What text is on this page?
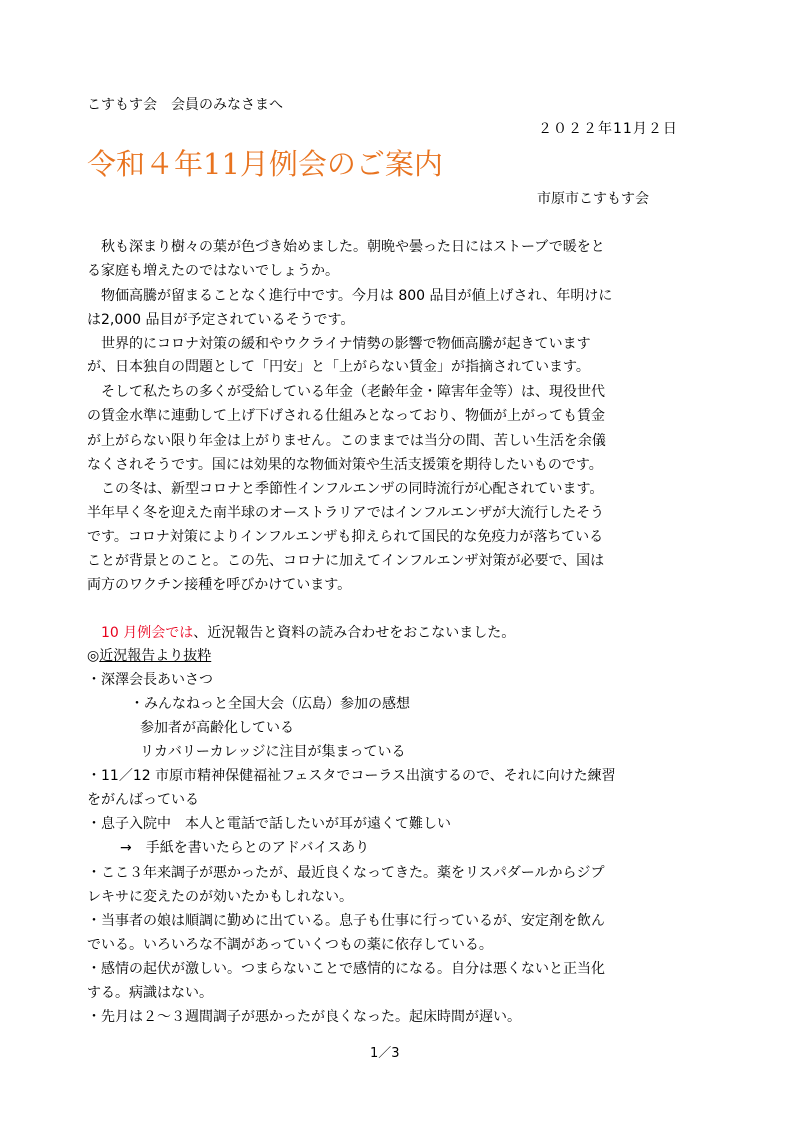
こすもす会　会員のみなさまへ
２０２２年11月２日
令和４年11月例会のご案内
市原市こすもす会
　秋も深まり樹々の葉が色づき始めました。朝晩や曇った日にはストーブで暖をと
る家庭も増えたのではないでしょうか。
　物価高騰が留まることなく進行中です。今月は 800 品目が値上げされ、年明けに
は2,000 品目が予定されているそうです。
　世界的にコロナ対策の緩和やウクライナ情勢の影響で物価高騰が起きています
が、日本独自の問題として「円安」と「上がらない賃金」が指摘されています。
　そして私たちの多くが受給している年金（老齢年金・障害年金等）は、現役世代
の賃金水準に連動して上げ下げされる仕組みとなっており、物価が上がっても賃金
が上がらない限り年金は上がりません。このままでは当分の間、苦しい生活を余儀
なくされそうです。国には効果的な物価対策や生活支援策を期待したいものです。
　この冬は、新型コロナと季節性インフルエンザの同時流行が心配されています。
半年早く冬を迎えた南半球のオーストラリアではインフルエンザが大流行したそう
です。コロナ対策によりインフルエンザも抑えられて国民的な免疫力が落ちている
ことが背景とのこと。この先、コロナに加えてインフルエンザ対策が必要で、国は
両方のワクチン接種を呼びかけています。
10 月例会では、近況報告と資料の読み合わせをおこないました。
◎近況報告より抜粋
・深澤会長あいさつ
・みんなねっと全国大会（広島）参加の感想
参加者が高齢化している
リカバリーカレッジに注目が集まっている
・11／12 市原市精神保健福祉フェスタでコーラス出演するので、それに向けた練習
をがんばっている
・息子入院中　本人と電話で話したいが耳が遠くて難しい
→　手紙を書いたらとのアドバイスあり
・ここ３年来調子が悪かったが、最近良くなってきた。薬をリスパダールからジプ
レキサに変えたのが効いたかもしれない。
・当事者の娘は順調に勤めに出ている。息子も仕事に行っているが、安定剤を飲ん
でいる。いろいろな不調があっていくつもの薬に依存している。
・感情の起伏が激しい。つまらないことで感情的になる。自分は悪くないと正当化
する。病識はない。
・先月は２～３週間調子が悪かったが良くなった。起床時間が遅い。
1／3
